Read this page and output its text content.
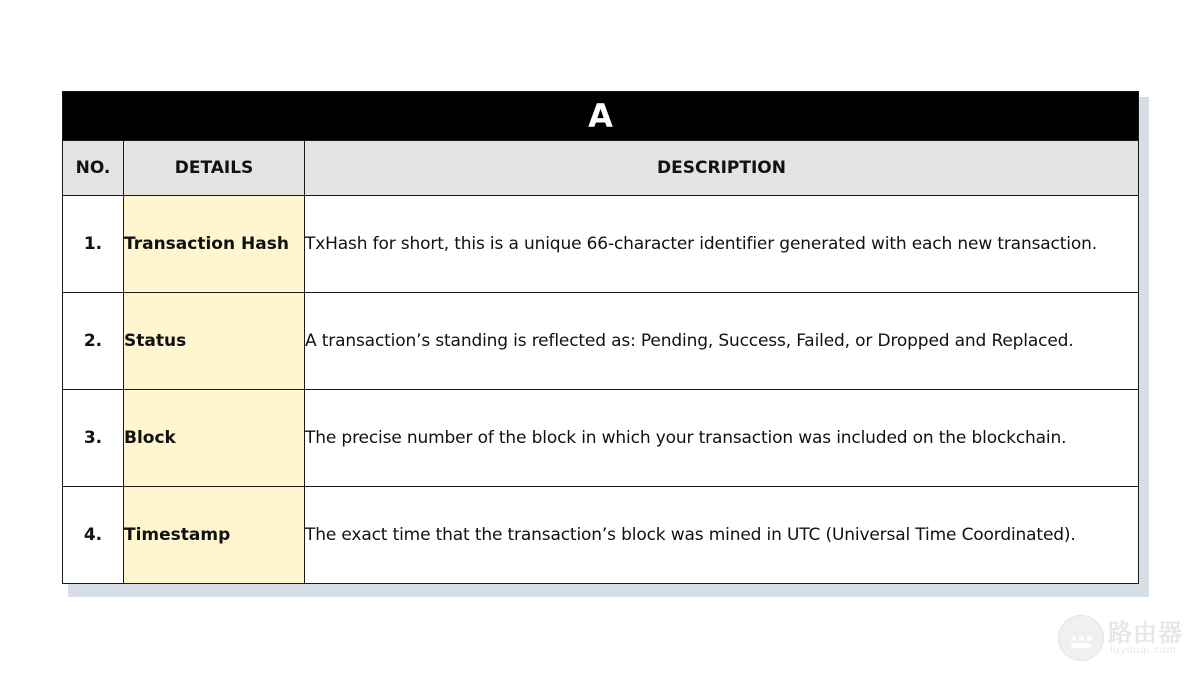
A		
NO.	DETAILS	DESCRIPTION
1.	Transaction Hash	TxHash for short, this is a unique 66-character identifier generated with each new transaction.
2.	Status	A transaction’s standing is reflected as: Pending, Success, Failed, or Dropped and Replaced.
3.	Block	The precise number of the block in which your transaction was included on the blockchain.
4.	Timestamp	The exact time that the transaction’s block was mined in UTC (Universal Time Coordinated).
路由器
luyouqi.com
